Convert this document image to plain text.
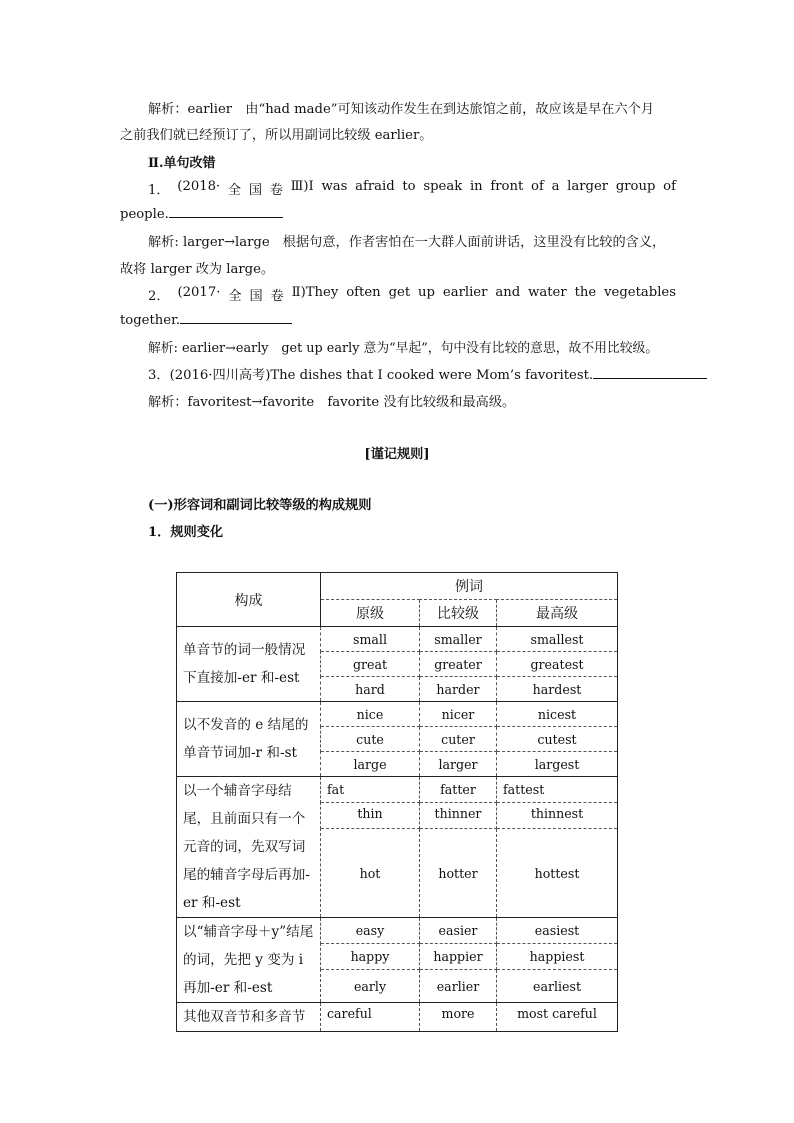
解析：earlier　由“had made”可知该动作发生在到达旅馆之前，故应该是早在六个月
之前我们就已经预订了，所以用副词比较级 earlier。
Ⅱ.单句改错
1． (2018· 全 国 卷 Ⅲ)I was afraid to speak in front of a larger group of
people.
解析: larger→large　根据句意，作者害怕在一大群人面前讲话，这里没有比较的含义，
故将 larger 改为 large。
2． (2017· 全 国 卷 Ⅱ)They often get up earlier and water the vegetables
together.
解析: earlier→early　get up early 意为“早起”，句中没有比较的意思，故不用比较级。
3．(2016·四川高考)The dishes that I cooked were Mom’s favoritest.
解析：favoritest→favorite　favorite 没有比较级和最高级。
[谨记规则]
(一)形容词和副词比较等级的构成规则
1．规则变化
构成	例词		
	原级	比较级	最高级
单音节的词一般情况下直接加-er 和-est	small	smaller	smallest
	great	greater	greatest
	hard	harder	hardest
以不发音的 e 结尾的单音节词加-r 和-st	nice	nicer	nicest
	cute	cuter	cutest
	large	larger	largest
以一个辅音字母结尾，且前面只有一个元音的词，先双写词尾的辅音字母后再加-er 和-est	fat	fatter	fattest
	thin	thinner	thinnest
	hot	hotter	hottest
以“辅音字母＋y”结尾的词，先把 y 变为 i 再加-er 和-est	easy	easier	easiest
	happy	happier	happiest
	early	earlier	earliest
其他双音节和多音节	careful	more	most careful
